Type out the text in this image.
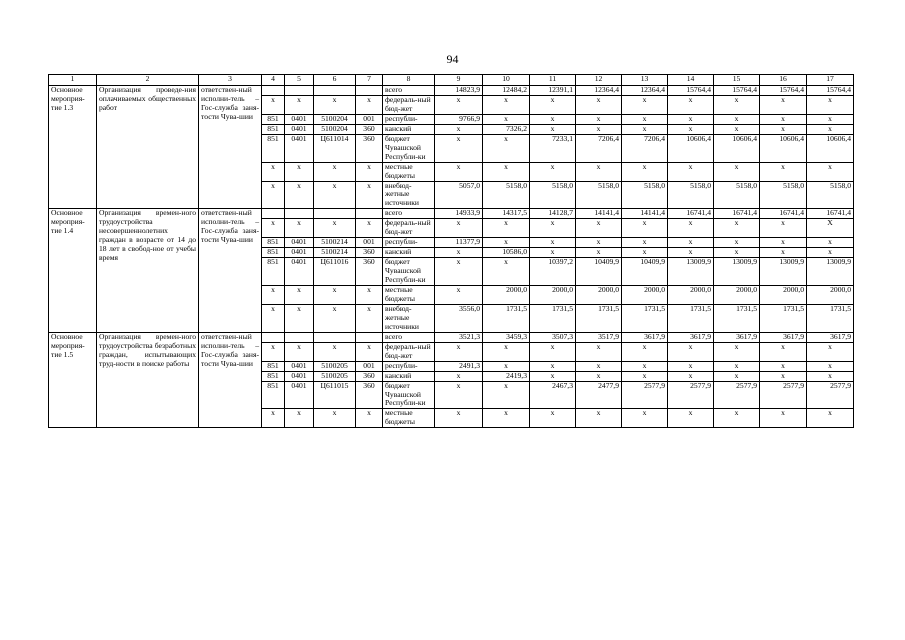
94
1	2	3	4	5	6	7	8	9	10	11	12	13	14	15	16	17
Основное мероприя-тие 1.3	Организация проведе-ния оплачиваемых общественных работ	ответствен-ный исполни-тель – Гос-служба заня-тости Чува-шии					всего	14823,9	12484,2	12391,1	12364,4	12364,4	15764,4	15764,4	15764,4	15764,4
			х	х	х	х	федераль-ный бюд-жет	х	х	х	х	х	х	х	х	х
			851	0401	5100204	001	республи-	9766,9	х	х	х	х	х	х	х	х
			851	0401	5100204	360	канский	х	7326,2	х	х	х	х	х	х	х
			851	0401	Ц611014	360	бюджет Чувашской Республи-ки	х	х	7233,1	7206,4	7206,4	10606,4	10606,4	10606,4	10606,4
			х	х	х	х	местные бюджеты	х	х	х	х	х	х	х	х	х
			х	х	х	х	внебюд-жетные источники	5057,0	5158,0	5158,0	5158,0	5158,0	5158,0	5158,0	5158,0	5158,0
Основное мероприя-тие 1.4	Организация времен-ного трудоустройства несовершеннолетних граждан в возрасте от 14 до 18 лет в свобод-ное от учебы время	ответствен-ный исполни-тель – Гос-служба заня-тости Чува-шии					всего	14933,9	14317,5	14128,7	14141,4	14141,4	16741,4	16741,4	16741,4	16741,4
			х	х	х	х	федераль-ный бюд-жет	х	х	х	х	х	х	х	х	Х
			851	0401	5100214	001	республи-	11377,9	х	х	х	х	х	х	х	х
			851	0401	5100214	360	канский	х	10586,0	х	х	х	х	х	х	х
			851	0401	Ц611016	360	бюджет Чувашской Республи-ки	х	х	10397,2	10409,9	10409,9	13009,9	13009,9	13009,9	13009,9
			х	х	х	х	местные бюджеты	х	2000,0	2000,0	2000,0	2000,0	2000,0	2000,0	2000,0	2000,0
			х	х	х	х	внебюд-жетные источники	3556,0	1731,5	1731,5	1731,5	1731,5	1731,5	1731,5	1731,5	1731,5
Основное мероприя-тие 1.5	Организация времен-ного трудоустройства безработных граждан, испытывающих труд-ности в поиске работы	ответствен-ный исполни-тель – Гос-служба заня-тости Чува-шии					всего	3521,3	3459,3	3507,3	3517,9	3617,9	3617,9	3617,9	3617,9	3617,9
			х	х	х	х	федераль-ный бюд-жет	х	х	х	х	х	х	х	х	х
			851	0401	5100205	001	республи-	2491,3	х	х	х	х	х	х	х	х
			851	0401	5100205	360	канский	х	2419,3	х	х	х	х	х	х	х
			851	0401	Ц611015	360	бюджет Чувашской Республи-ки	х	х	2467,3	2477,9	2577,9	2577,9	2577,9	2577,9	2577,9
			х	х	х	х	местные бюджеты	х	х	х	х	х	х	х	х	х
